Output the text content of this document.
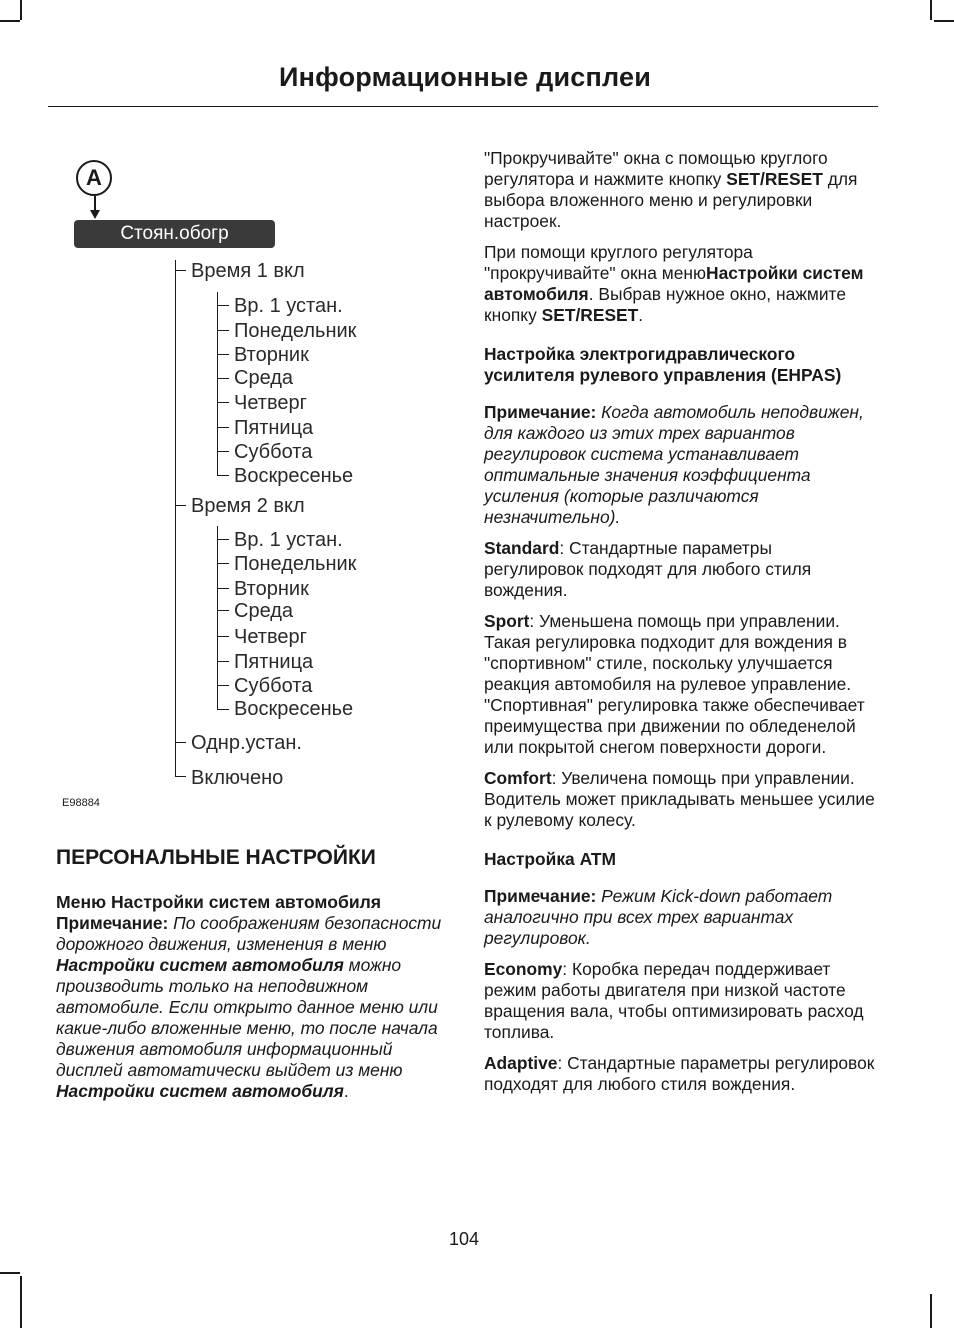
Информационные дисплеи
A
Стоян.обогр
Время 1 вкл
Вр. 1 устан.
Понедельник
Вторник
Среда
Четверг
Пятница
Суббота
Воскресенье
Время 2 вкл
Вр. 1 устан.
Понедельник
Вторник
Среда
Четверг
Пятница
Суббота
Воскресенье
Однр.устан.
Включено
E98884
ПЕРСОНАЛЬНЫЕ НАСТРОЙКИ

Меню Настройки систем автомобиля

Примечание: По соображениям безопасности дорожного движения, изменения в меню Настройки систем автомобиля можно производить только на неподвижном автомобиле. Если открыто данное меню или какие-либо вложенные меню, то после начала движения автомобиля информационный дисплей автоматически выйдет из меню Настройки систем автомобиля.

"Прокручивайте" окна с помощью круглого регулятора и нажмите кнопку SET/RESET для выбора вложенного меню и регулировки настроек.

При помощи круглого регулятора "прокручивайте" окна менюНастройки систем автомобиля. Выбрав нужное окно, нажмите кнопку SET/RESET.

Настройка электрогидравлического усилителя рулевого управления (EHPAS)

Примечание: Когда автомобиль неподвижен, для каждого из этих трех вариантов регулировок система устанавливает оптимальные значения коэффициента усиления (которые различаются незначительно).

Standard: Стандартные параметры регулировок подходят для любого стиля вождения.

Sport: Уменьшена помощь при управлении. Такая регулировка подходит для вождения в "спортивном" стиле, поскольку улучшается реакция автомобиля на рулевое управление. "Спортивная" регулировка также обеспечивает преимущества при движении по обледенелой или покрытой снегом поверхности дороги.

Comfort: Увеличена помощь при управлении. Водитель может прикладывать меньшее усилие к рулевому колесу.

Настройка ATM

Примечание: Режим Kick-down работает аналогично при всех трех вариантах регулировок.

Economy: Коробка передач поддерживает режим работы двигателя при низкой частоте вращения вала, чтобы оптимизировать расход топлива.

Adaptive: Стандартные параметры регулировок подходят для любого стиля вождения.

104
